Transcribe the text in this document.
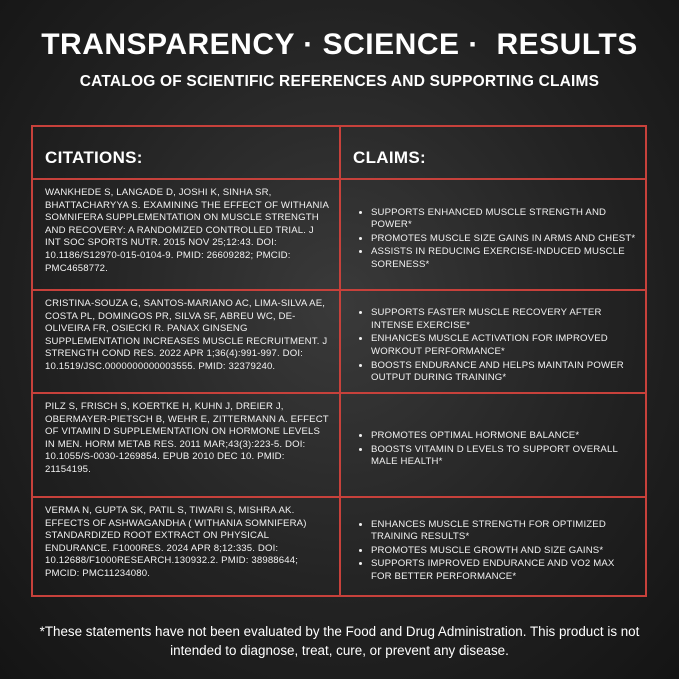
TRANSPARENCY · SCIENCE ·  RESULTS
CATALOG OF SCIENTIFIC REFERENCES AND SUPPORTING CLAIMS
CITATIONS:	CLAIMS:
WANKHEDE S, LANGADE D, JOSHI K, SINHA SR, BHATTACHARYYA S. EXAMINING THE EFFECT OF WITHANIA SOMNIFERA SUPPLEMENTATION ON MUSCLE STRENGTH AND RECOVERY: A RANDOMIZED CONTROLLED TRIAL. J INT SOC SPORTS NUTR. 2015 NOV 25;12:43. DOI: 10.1186/S12970-015-0104-9. PMID: 26609282; PMCID: PMC4658772.
• SUPPORTS ENHANCED MUSCLE STRENGTH AND POWER*
• PROMOTES MUSCLE SIZE GAINS IN ARMS AND CHEST*
• ASSISTS IN REDUCING EXERCISE-INDUCED MUSCLE SORENESS*
CRISTINA-SOUZA G, SANTOS-MARIANO AC, LIMA-SILVA AE, COSTA PL, DOMINGOS PR, SILVA SF, ABREU WC, DE-OLIVEIRA FR, OSIECKI R. PANAX GINSENG SUPPLEMENTATION INCREASES MUSCLE RECRUITMENT. J STRENGTH COND RES. 2022 APR 1;36(4):991-997. DOI: 10.1519/JSC.0000000000003555. PMID: 32379240.
• SUPPORTS FASTER MUSCLE RECOVERY AFTER INTENSE EXERCISE*
• ENHANCES MUSCLE ACTIVATION FOR IMPROVED WORKOUT PERFORMANCE*
• BOOSTS ENDURANCE AND HELPS MAINTAIN POWER OUTPUT DURING TRAINING*
PILZ S, FRISCH S, KOERTKE H, KUHN J, DREIER J, OBERMAYER-PIETSCH B, WEHR E, ZITTERMANN A. EFFECT OF VITAMIN D SUPPLEMENTATION ON HORMONE LEVELS IN MEN. HORM METAB RES. 2011 MAR;43(3):223-5. DOI: 10.1055/S-0030-1269854. EPUB 2010 DEC 10. PMID: 21154195.
• PROMOTES OPTIMAL HORMONE BALANCE*
• BOOSTS VITAMIN D LEVELS TO SUPPORT OVERALL MALE HEALTH*
VERMA N, GUPTA SK, PATIL S, TIWARI S, MISHRA AK. EFFECTS OF ASHWAGANDHA ( WITHANIA SOMNIFERA) STANDARDIZED ROOT EXTRACT ON PHYSICAL ENDURANCE. F1000RES. 2024 APR 8;12:335. DOI: 10.12688/F1000RESEARCH.130932.2. PMID: 38988644; PMCID: PMC11234080.
• ENHANCES MUSCLE STRENGTH FOR OPTIMIZED TRAINING RESULTS*
• PROMOTES MUSCLE GROWTH AND SIZE GAINS*
• SUPPORTS IMPROVED ENDURANCE AND VO2 MAX FOR BETTER PERFORMANCE*
*These statements have not been evaluated by the Food and Drug Administration. This product is not intended to diagnose, treat, cure, or prevent any disease.
